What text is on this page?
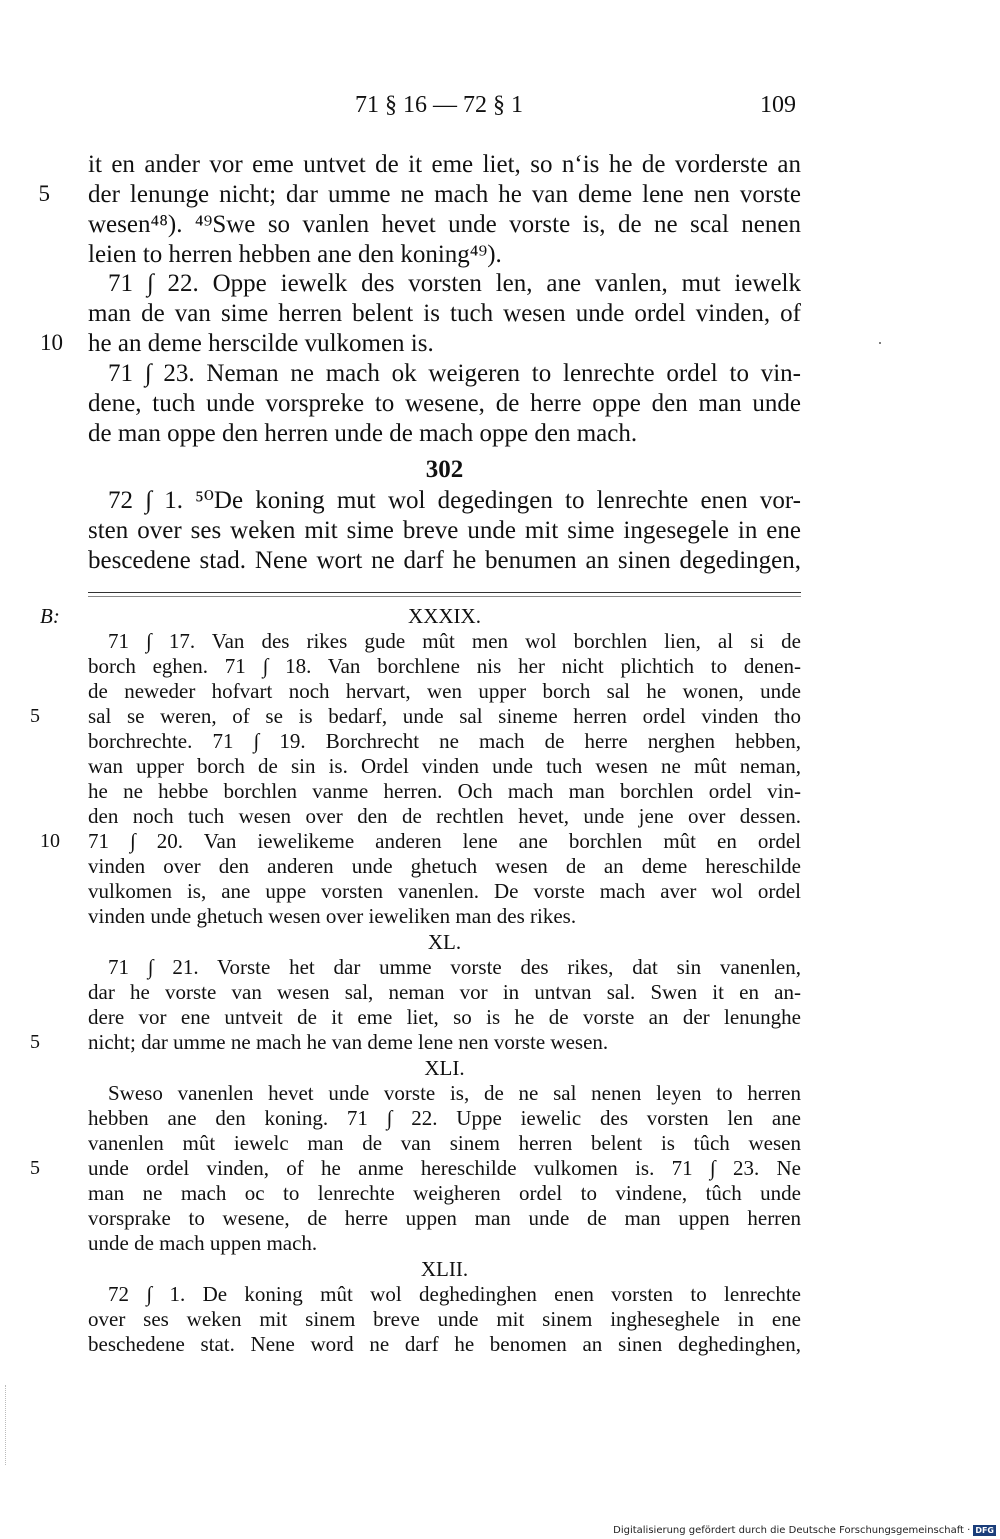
71 § 16 — 72 § 1	109
it en ander vor eme untvet de it eme liet, so n‘is he de vorderste an
der lenunge nicht; dar umme ne mach he van deme lene nen vorste
wesen⁴⁸). ⁴⁹Swe so vanlen hevet unde vorste is, de ne scal nenen
leien to herren hebben ane den koning⁴⁹).
71 ∫ 22. Oppe iewelk des vorsten len, ane vanlen, mut iewelk
man de van sime herren belent is tuch wesen unde ordel vinden, of
he an deme herscilde vulkomen is.
71 ∫ 23. Neman ne mach ok weigeren to lenrechte ordel to vin-
dene, tuch unde vorspreke to wesene, de herre oppe den man unde
de man oppe den herren unde de mach oppe den mach.
302
72 ∫ 1. ⁵⁰De koning mut wol degedingen to lenrechte enen vor-
sten over ses weken mit sime breve unde mit sime ingesegele in ene
bescedene stad. Nene wort ne darf he benumen an sinen degedingen,
5
10
B:	XXXIX.
71 ∫ 17. Van des rikes gude mût men wol borchlen lien, al si de
borch eghen. 71 ∫ 18. Van borchlene nis her nicht plichtich to denen-
de neweder hofvart noch hervart, wen upper borch sal he wonen, unde
sal se weren, of se is bedarf, unde sal sineme herren ordel vinden tho
borchrechte. 71 ∫ 19. Borchrecht ne mach de herre nerghen hebben,
wan upper borch de sin is. Ordel vinden unde tuch wesen ne mût neman,
he ne hebbe borchlen vanme herren. Och mach man borchlen ordel vin-
den noch tuch wesen over den de rechtlen hevet, unde jene over dessen.
71 ∫ 20. Van iewelikeme anderen lene ane borchlen mût en ordel
vinden over den anderen unde ghetuch wesen de an deme hereschilde
vulkomen is, ane uppe vorsten vanenlen. De vorste mach aver wol ordel
vinden unde ghetuch wesen over ieweliken man des rikes.
XL.
71 ∫ 21. Vorste het dar umme vorste des rikes, dat sin vanenlen,
dar he vorste van wesen sal, neman vor in untvan sal. Swen it en an-
dere vor ene untveit de it eme liet, so is he de vorste an der lenunghe
nicht; dar umme ne mach he van deme lene nen vorste wesen.
XLI.
Sweso vanenlen hevet unde vorste is, de ne sal nenen leyen to herren
hebben ane den koning. 71 ∫ 22. Uppe iewelic des vorsten len ane
vanenlen mût iewelc man de van sinem herren belent is tûch wesen
unde ordel vinden, of he anme hereschilde vulkomen is. 71 ∫ 23. Ne
man ne mach oc to lenrechte weigheren ordel to vindene, tûch unde
vorsprake to wesene, de herre uppen man unde de man uppen herren
unde de mach uppen mach.
XLII.
72 ∫ 1. De koning mût wol deghedinghen enen vorsten to lenrechte
over ses weken mit sinem breve unde mit sinem ingheseghele in ene
beschedene stat. Nene word ne darf he benomen an sinen deghedinghen,
5
10
5
5
Digitalisierung gefördert durch die Deutsche Forschungsgemeinschaft · DFG
